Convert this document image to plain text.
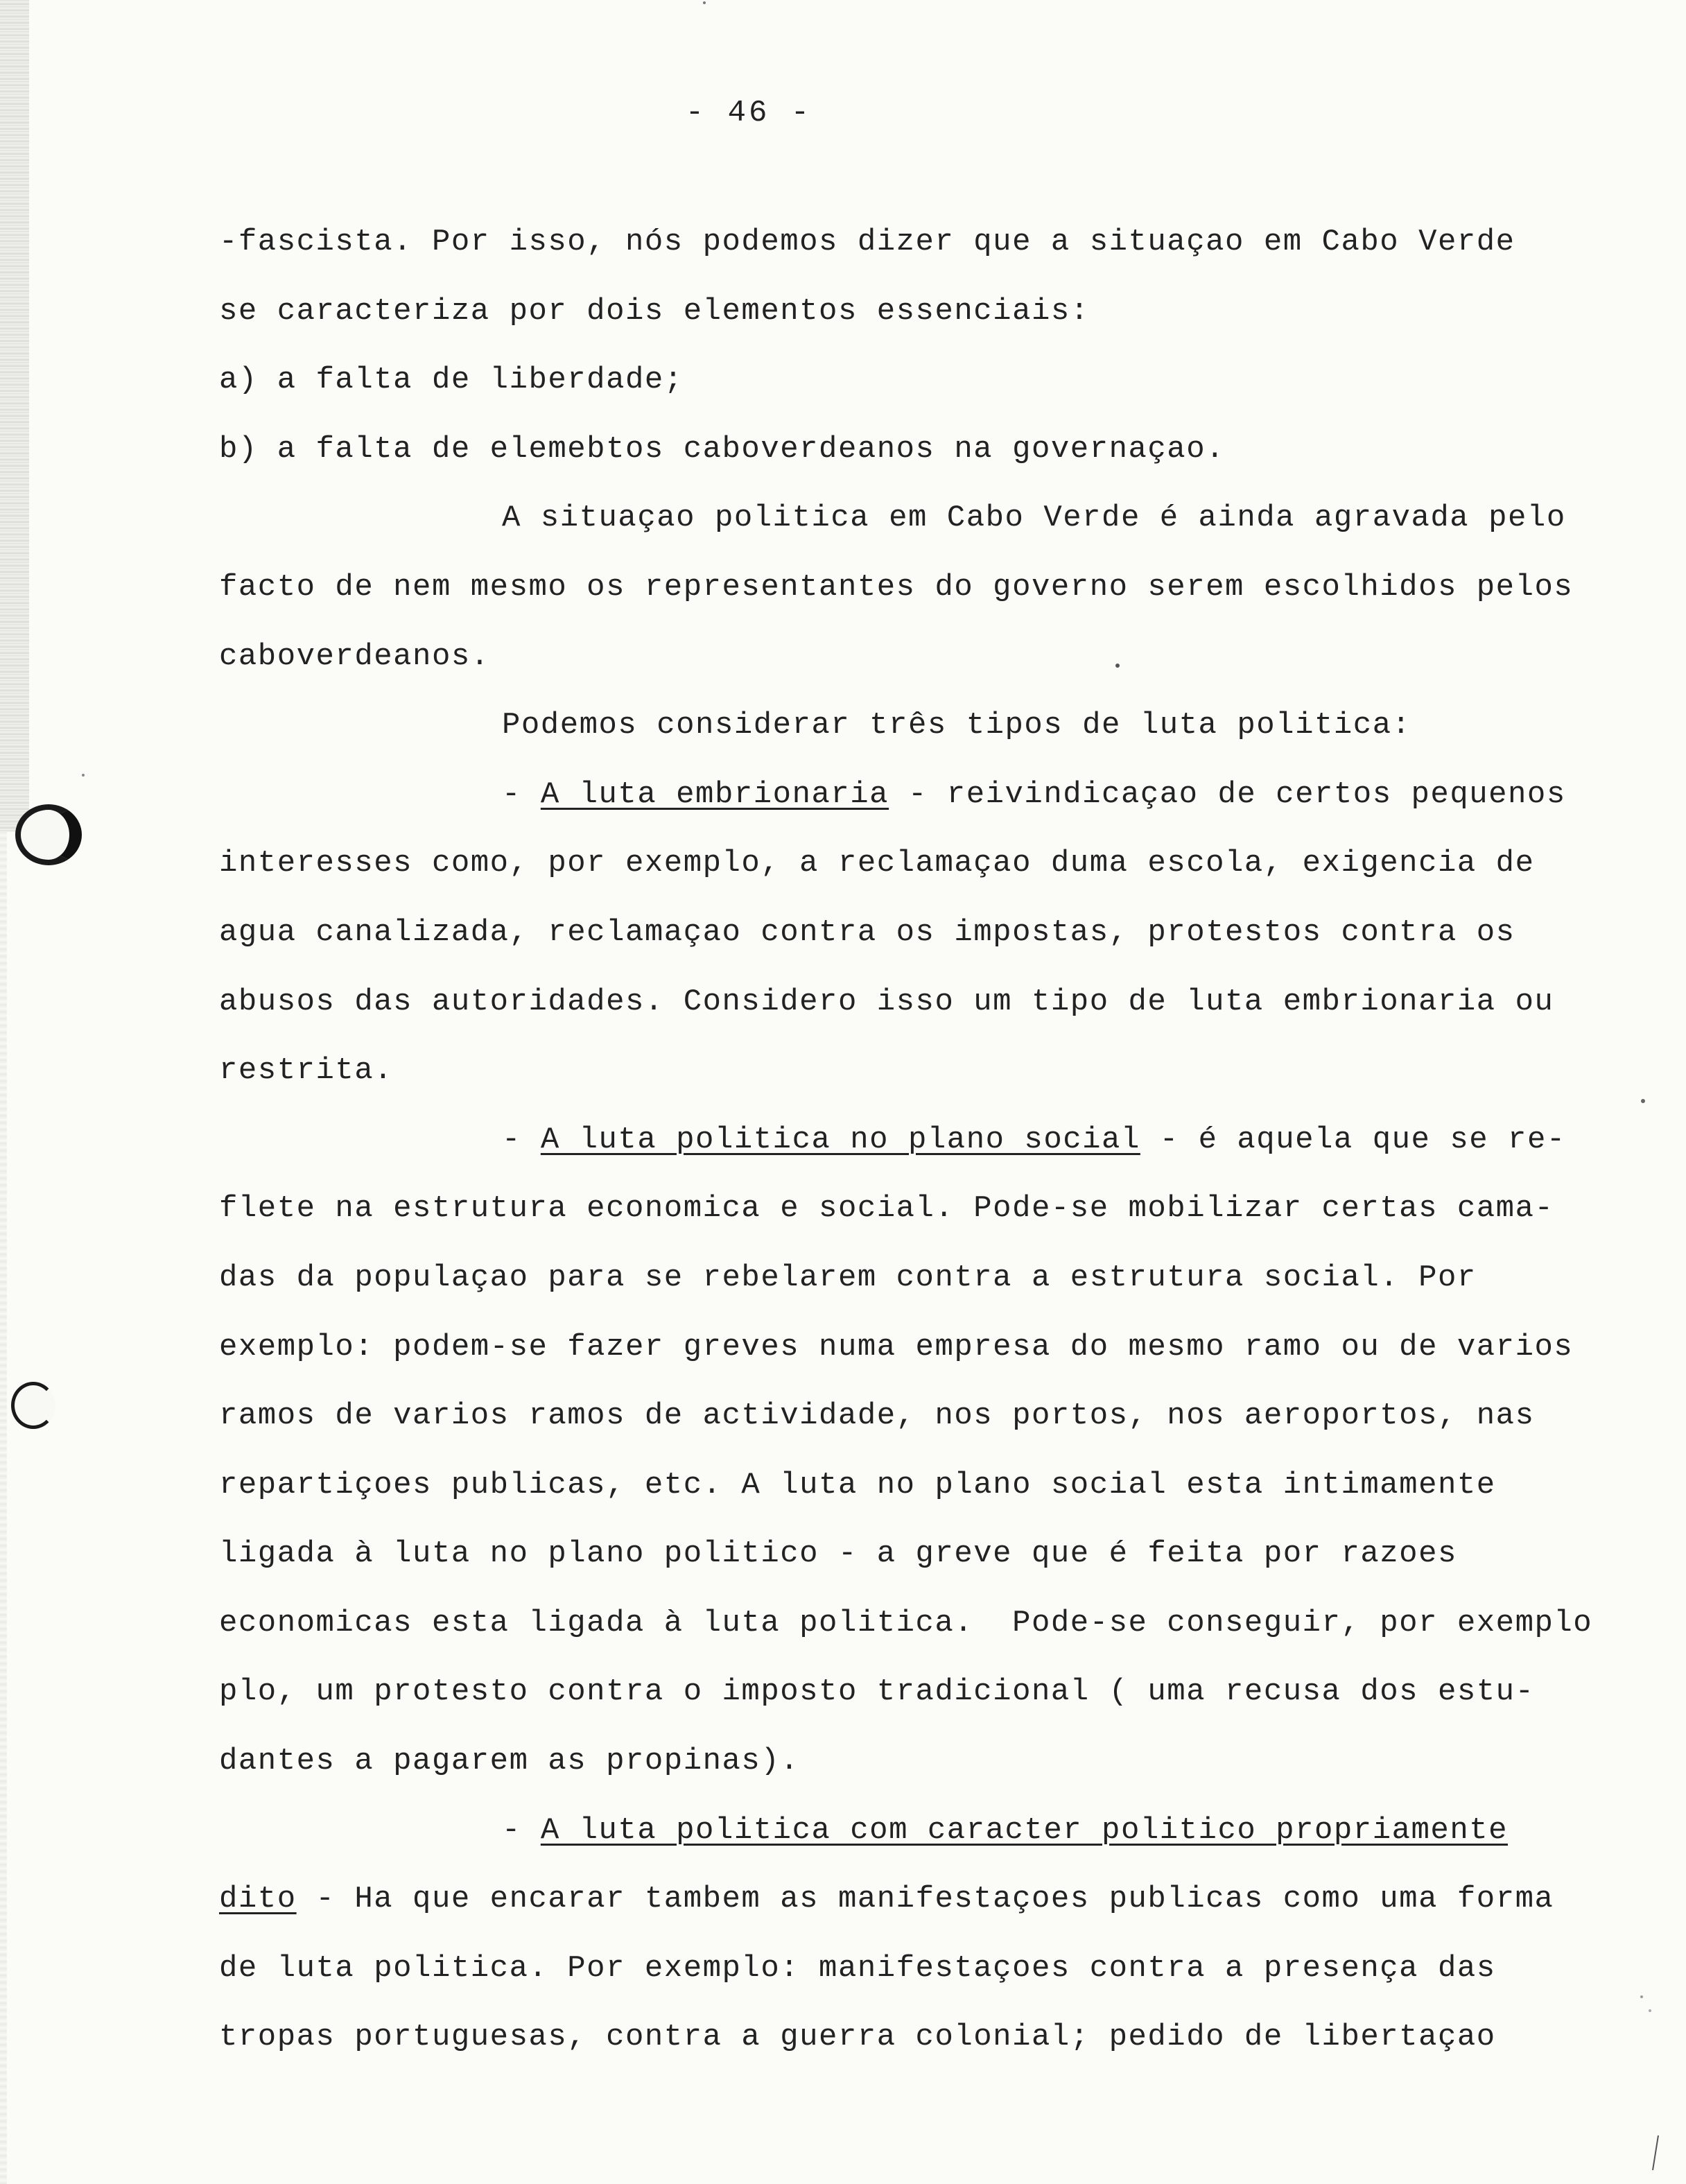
- 46 -
-fascista. Por isso, nós podemos dizer que a situaçao em Cabo Verde
se caracteriza por dois elementos essenciais:
a) a falta de liberdade;
b) a falta de elemebtos caboverdeanos na governaçao.
A situaçao politica em Cabo Verde é ainda agravada pelo
facto de nem mesmo os representantes do governo serem escolhidos pelos
caboverdeanos.
Podemos considerar três tipos de luta politica:
- A luta embrionaria - reivindicaçao de certos pequenos
interesses como, por exemplo, a reclamaçao duma escola, exigencia de
agua canalizada, reclamaçao contra os impostas, protestos contra os
abusos das autoridades. Considero isso um tipo de luta embrionaria ou
restrita.
- A luta politica no plano social - é aquela que se re-
flete na estrutura economica e social. Pode-se mobilizar certas cama-
das da populaçao para se rebelarem contra a estrutura social. Por
exemplo: podem-se fazer greves numa empresa do mesmo ramo ou de varios
ramos de varios ramos de actividade, nos portos, nos aeroportos, nas
repartiçoes publicas, etc. A luta no plano social esta intimamente
ligada à luta no plano politico - a greve que é feita por razoes
economicas esta ligada à luta politica.  Pode-se conseguir, por exemplo
plo, um protesto contra o imposto tradicional ( uma recusa dos estu-
dantes a pagarem as propinas).
- A luta politica com caracter politico propriamente
dito - Ha que encarar tambem as manifestaçoes publicas como uma forma
de luta politica. Por exemplo: manifestaçoes contra a presença das
tropas portuguesas, contra a guerra colonial; pedido de libertaçao
